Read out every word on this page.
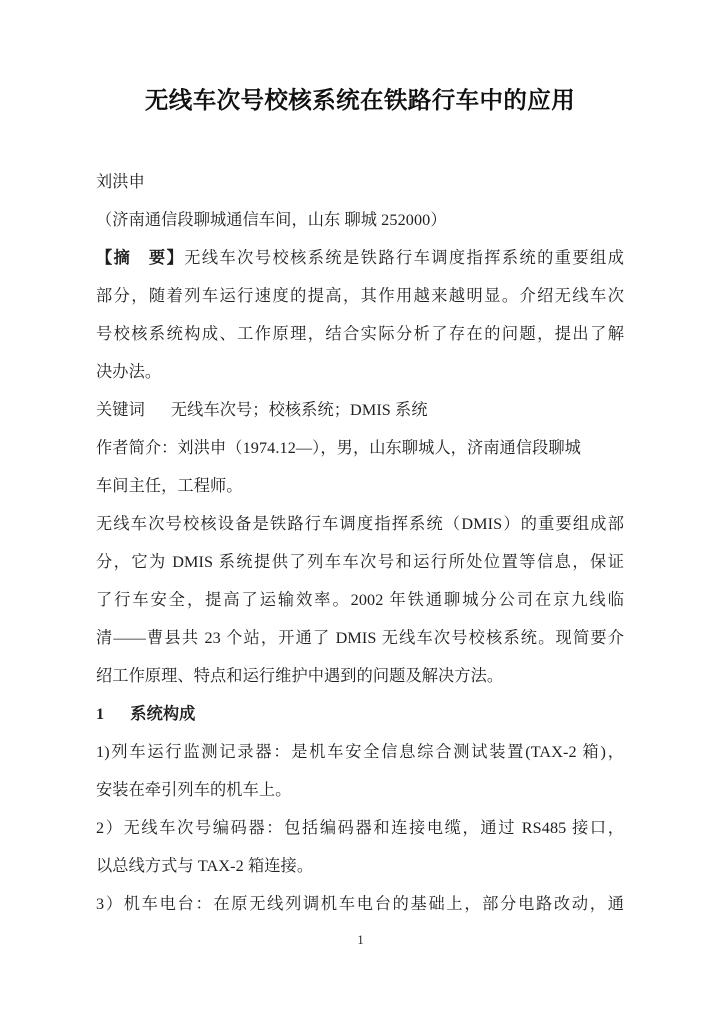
无线车次号校核系统在铁路行车中的应用
刘洪申
（济南通信段聊城通信车间，山东 聊城 252000）
【摘　要】无线车次号校核系统是铁路行车调度指挥系统的重要组成
部分，随着列车运行速度的提高，其作用越来越明显。介绍无线车次
号校核系统构成、工作原理，结合实际分析了存在的问题，提出了解
决办法。
关键词 无线车次号；校核系统；DMIS 系统
作者简介：刘洪申（1974.12—），男，山东聊城人，济南通信段聊城
车间主任，工程师。
无线车次号校核设备是铁路行车调度指挥系统（DMIS）的重要组成部
分，它为 DMIS 系统提供了列车车次号和运行所处位置等信息，保证
了行车安全，提高了运输效率。2002 年铁通聊城分公司在京九线临
清——曹县共 23 个站，开通了 DMIS 无线车次号校核系统。现简要介
绍工作原理、特点和运行维护中遇到的问题及解决方法。
1 系统构成
1)列车运行监测记录器：是机车安全信息综合测试装置(TAX-2 箱)，
安装在牵引列车的机车上。
2）无线车次号编码器：包括编码器和连接电缆，通过 RS485 接口，
以总线方式与 TAX-2 箱连接。
3）机车电台：在原无线列调机车电台的基础上，部分电路改动，通
1
